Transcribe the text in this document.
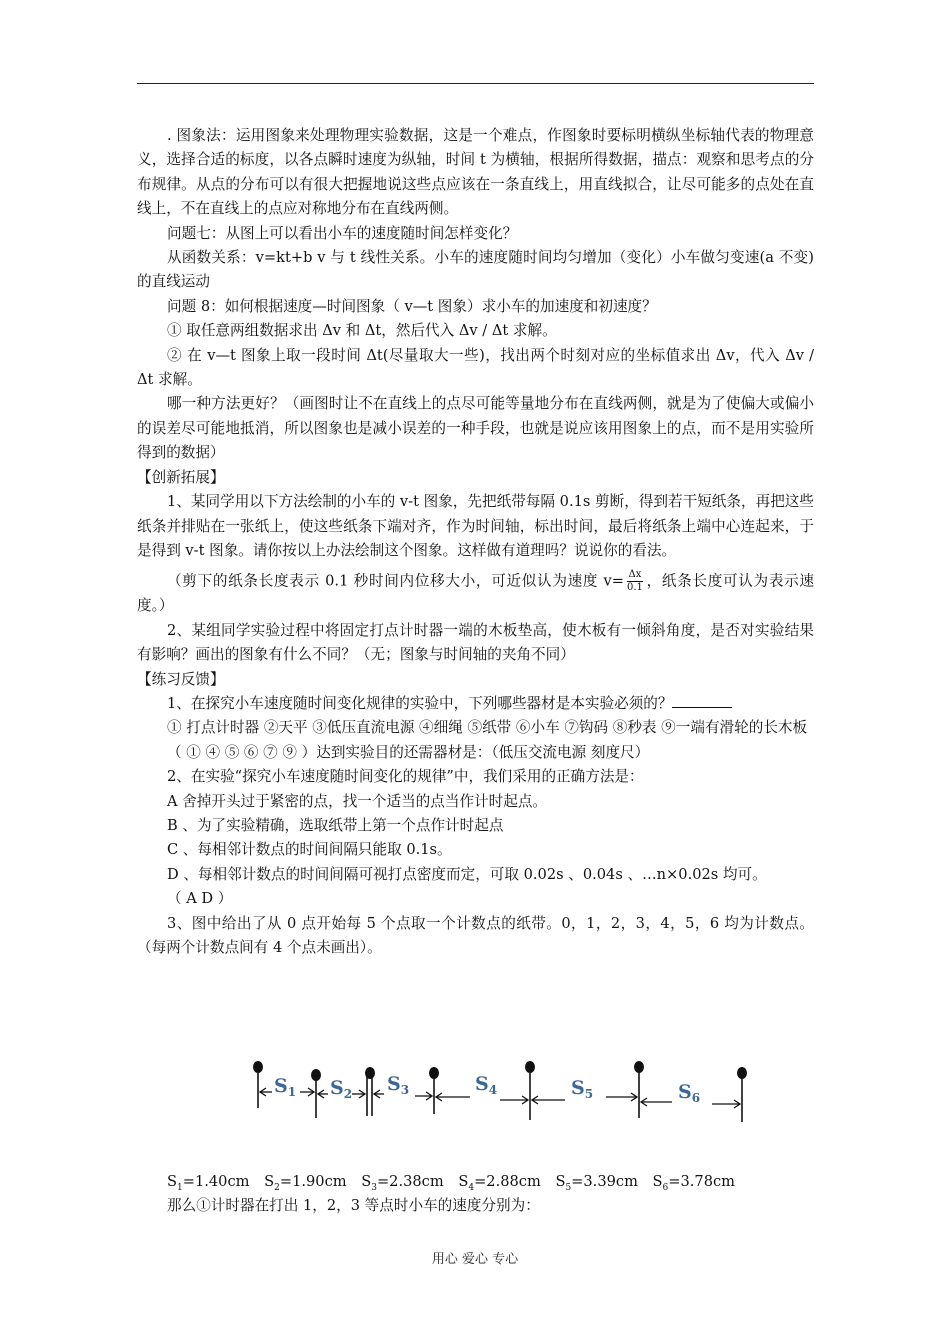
. 图象法：运用图象来处理物理实验数据，这是一个难点，作图象时要标明横纵坐标轴代表的物理意义，选择合适的标度，以各点瞬时速度为纵轴，时间 t 为横轴，根据所得数据，描点：观察和思考点的分布规律。从点的分布可以有很大把握地说这些点应该在一条直线上，用直线拟合，让尽可能多的点处在直线上，不在直线上的点应对称地分布在直线两侧。

问题七：从图上可以看出小车的速度随时间怎样变化？

从函数关系：v=kt+b v 与 t 线性关系。小车的速度随时间均匀增加（变化）小车做匀变速(a 不变) 的直线运动

问题 8：如何根据速度—时间图象（ v—t 图象）求小车的加速度和初速度？

① 取任意两组数据求出 Δv 和 Δt，然后代入 Δv / Δt 求解。

② 在 v—t 图象上取一段时间 Δt(尽量取大一些)，找出两个时刻对应的坐标值求出 Δv，代入 Δv / Δt 求解。

哪一种方法更好？（画图时让不在直线上的点尽可能等量地分布在直线两侧，就是为了使偏大或偏小的误差尽可能地抵消，所以图象也是减小误差的一种手段，也就是说应该用图象上的点，而不是用实验所得到的数据）

【创新拓展】

1、某同学用以下方法绘制的小车的 v-t 图象，先把纸带每隔 0.1s 剪断，得到若干短纸条，再把这些纸条并排贴在一张纸上，使这些纸条下端对齐，作为时间轴，标出时间，最后将纸条上端中心连起来，于是得到 v-t 图象。请你按以上办法绘制这个图象。这样做有道理吗？说说你的看法。

（剪下的纸条长度表示 0.1 秒时间内位移大小，可近似认为速度 $v= \frac{\Delta x}{0.1}$ ，纸条长度可认为表示速度。）

2、某组同学实验过程中将固定打点计时器一端的木板垫高，使木板有一倾斜角度，是否对实验结果有影响？画出的图象有什么不同？（无；图象与时间轴的夹角不同）

【练习反馈】

1、在探究小车速度随时间变化规律的实验中，下列哪些器材是本实验必须的？

① 打点计时器 ②天平 ③低压直流电源 ④细绳 ⑤纸带 ⑥小车 ⑦钩码 ⑧秒表 ⑨一端有滑轮的长木板

（ ① ④ ⑤ ⑥ ⑦ ⑨ ）达到实验目的还需器材是：（低压交流电源 刻度尺）

2、在实验“探究小车速度随时间变化的规律”中，我们采用的正确方法是：

A 舍掉开头过于紧密的点，找一个适当的点当作计时起点。

B 、为了实验精确，选取纸带上第一个点作计时起点

C 、每相邻计数点的时间间隔只能取 0.1s。

D 、每相邻计数点的时间间隔可视打点密度而定，可取 0.02s 、0.04s 、…n×0.02s 均可。

（ A D ）

3、图中给出了从 0 点开始每 5 个点取一个计数点的纸带。0，1，2，3，4，5，6 均为计数点。（每两个计数点间有 4 个点未画出）。

$S_1$ $S_2$ $S_3$	$S_4$	$S_5$	$S_6$
$S_1=1.40cm$ $S_2=1.90cm$ $S_3=2.38cm$ $S_4=2.88cm$ $S_5=3.39cm$ $S_6=3.78cm$

那么①计时器在打出 1，2，3 等点时小车的速度分别为：

用心 爱心 专心
